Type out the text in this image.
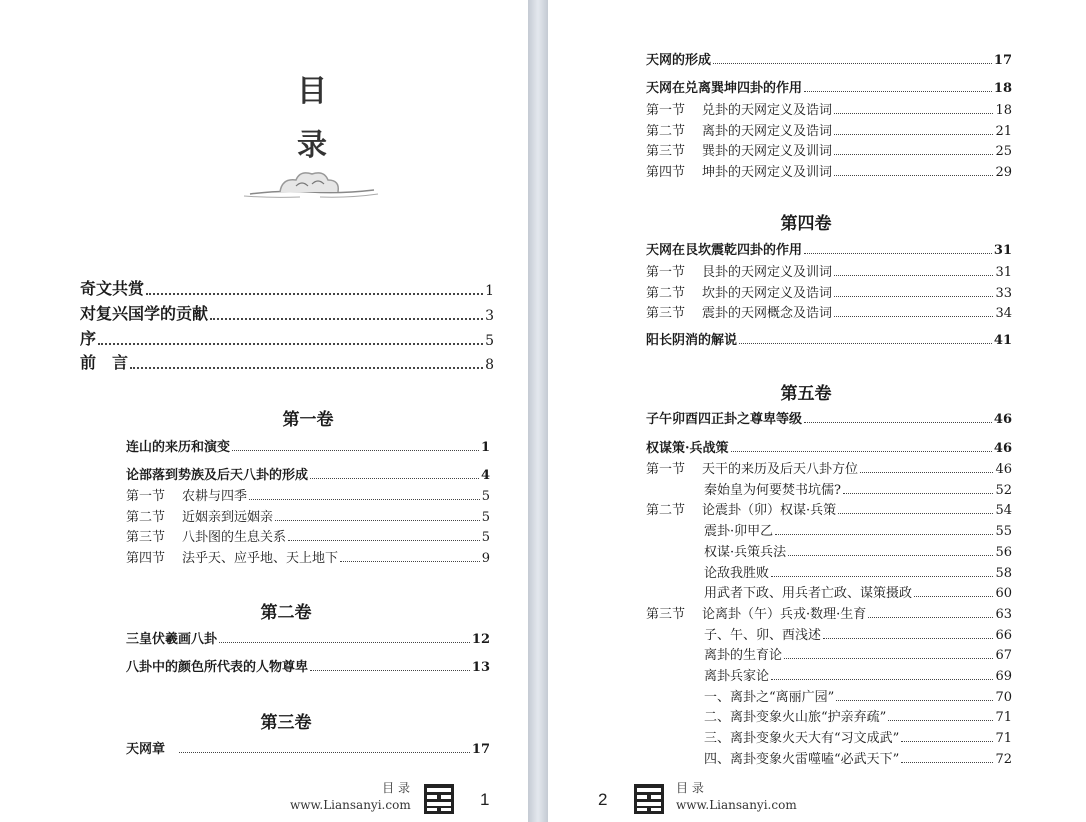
目
录
奇文共赏	1
对复兴国学的贡献	3
序	5
前　言	8
第一卷
连山的来历和演变	1
论部落到势族及后天八卦的形成	4
第一节 农耕与四季	5
第二节 近姻亲到远姻亲	5
第三节 八卦图的生息关系	5
第四节 法乎天、应乎地、天上地下	9
第二卷
三皇伏羲画八卦	12
八卦中的颜色所代表的人物尊卑	13
第三卷
天网章	17
目 录
www.Liansanyi.com	1
天网的形成	17
天网在兑离巽坤四卦的作用	18
第一节 兑卦的天网定义及诰词	18
第二节 离卦的天网定义及诰词	21
第三节 巽卦的天网定义及训词	25
第四节 坤卦的天网定义及训词	29
第四卷
天网在艮坎震乾四卦的作用	31
第一节 艮卦的天网定义及训词	31
第二节 坎卦的天网定义及诰词	33
第三节 震卦的天网概念及诰词	34
阳长阴消的解说	41
第五卷
子午卯酉四正卦之尊卑等级	46
权谋策·兵战策	46
第一节 天干的来历及后天八卦方位	46
秦始皇为何要焚书坑儒?	52
第二节 论震卦（卯）权谋·兵策	54
震卦·卯甲乙	55
权谋·兵策兵法	56
论敌我胜败	58
用武者下政、用兵者亡政、谋策摄政	60
第三节 论离卦（午）兵戎·数理·生育	63
子、午、卯、酉浅述	66
离卦的生育论	67
离卦兵家论	69
一、离卦之“离丽广园”	70
二、离卦变象火山旅“护亲弃疏”	71
三、离卦变象火天大有“习文成武”	71
四、离卦变象火雷噬嗑“必武天下”	72
2
目 录
www.Liansanyi.com
